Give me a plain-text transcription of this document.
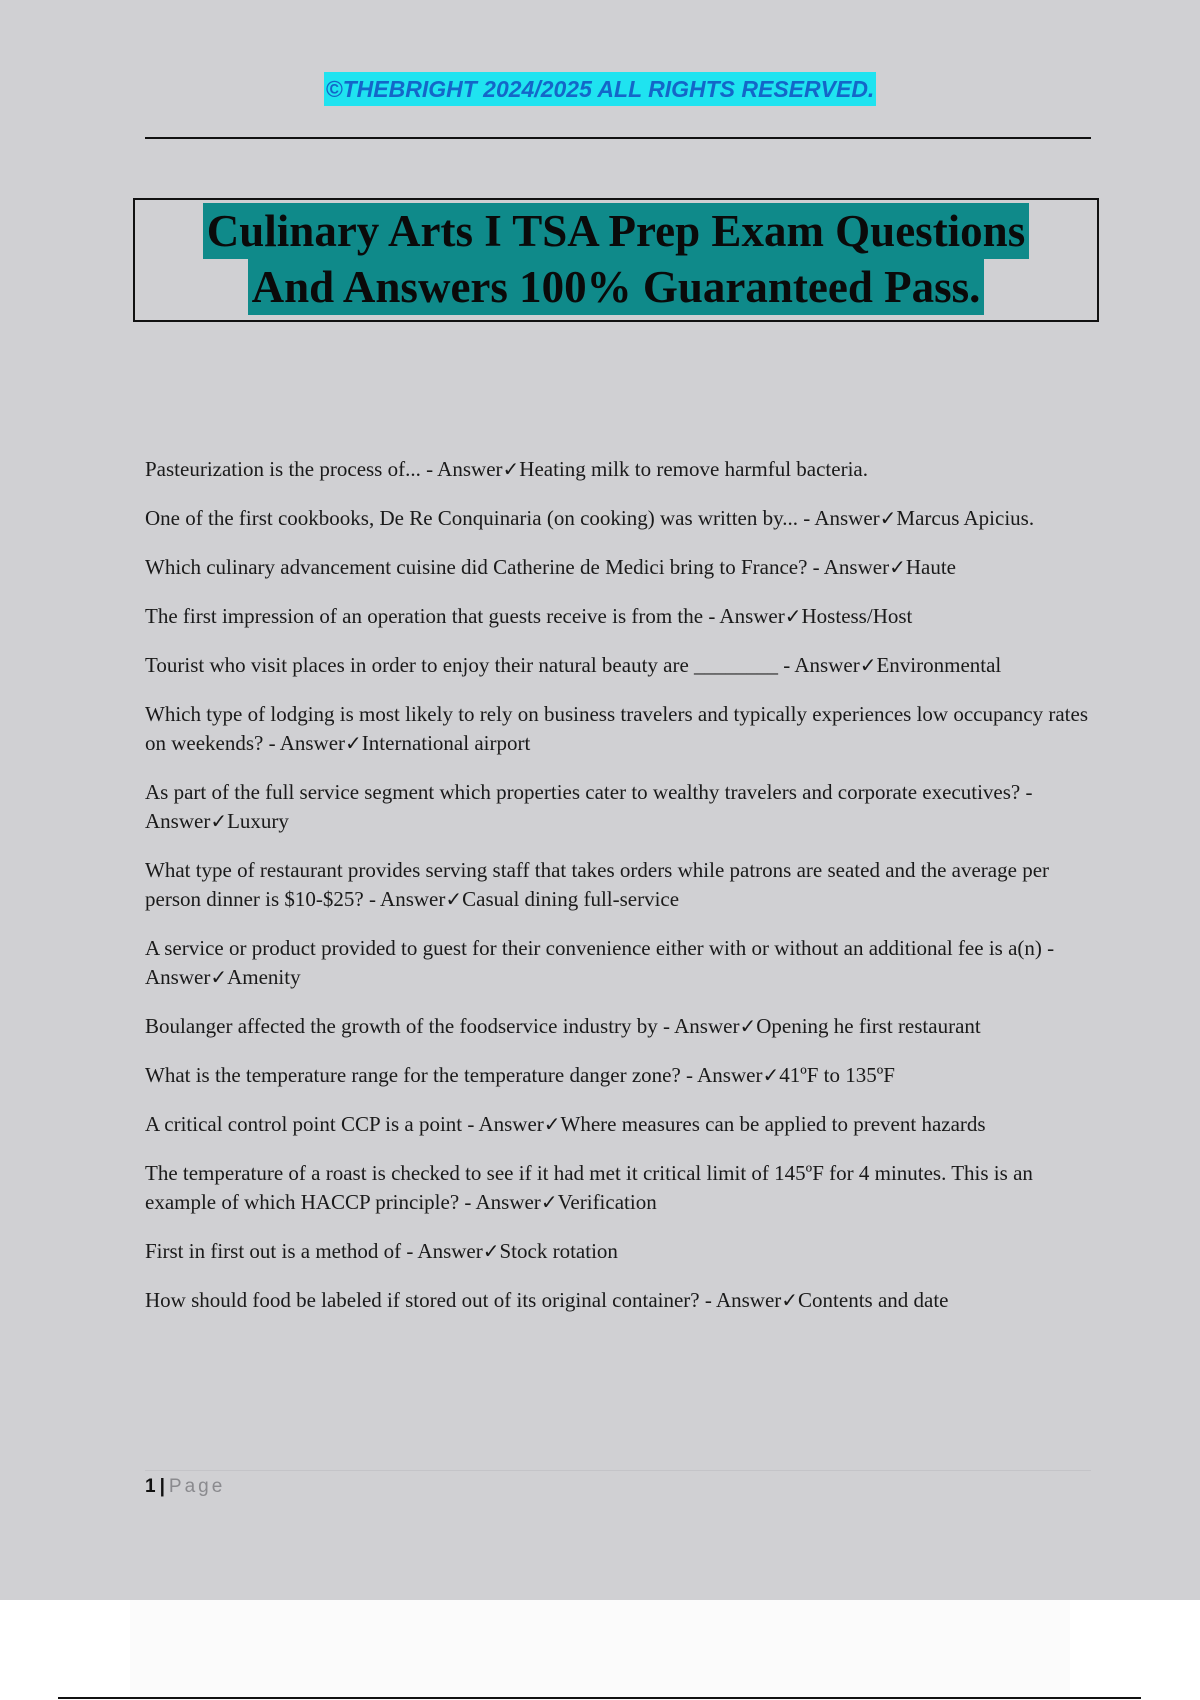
©THEBRIGHT 2024/2025 ALL RIGHTS RESERVED.
Culinary Arts I TSA Prep Exam Questions
And Answers 100% Guaranteed Pass.

Pasteurization is the process of... - Answer✓Heating milk to remove harmful bacteria.

One of the first cookbooks, De Re Conquinaria (on cooking) was written by... - Answer✓Marcus Apicius.

Which culinary advancement cuisine did Catherine de Medici bring to France? - Answer✓Haute

The first impression of an operation that guests receive is from the - Answer✓Hostess/Host

Tourist who visit places in order to enjoy their natural beauty are ________ - Answer✓Environmental

Which type of lodging is most likely to rely on business travelers and typically experiences low occupancy rates on weekends? - Answer✓International airport

As part of the full service segment which properties cater to wealthy travelers and corporate executives? - Answer✓Luxury

What type of restaurant provides serving staff that takes orders while patrons are seated and the average per person dinner is $10-$25? - Answer✓Casual dining full-service

A service or product provided to guest for their convenience either with or without an additional fee is a(n) - Answer✓Amenity

Boulanger affected the growth of the foodservice industry by - Answer✓Opening he first restaurant

What is the temperature range for the temperature danger zone? - Answer✓41ºF to 135ºF

A critical control point CCP is a point - Answer✓Where measures can be applied to prevent hazards

The temperature of a roast is checked to see if it had met it critical limit of 145ºF for 4 minutes. This is an example of which HACCP principle? - Answer✓Verification

First in first out is a method of - Answer✓Stock rotation

How should food be labeled if stored out of its original container? - Answer✓Contents and date

1 | Page
